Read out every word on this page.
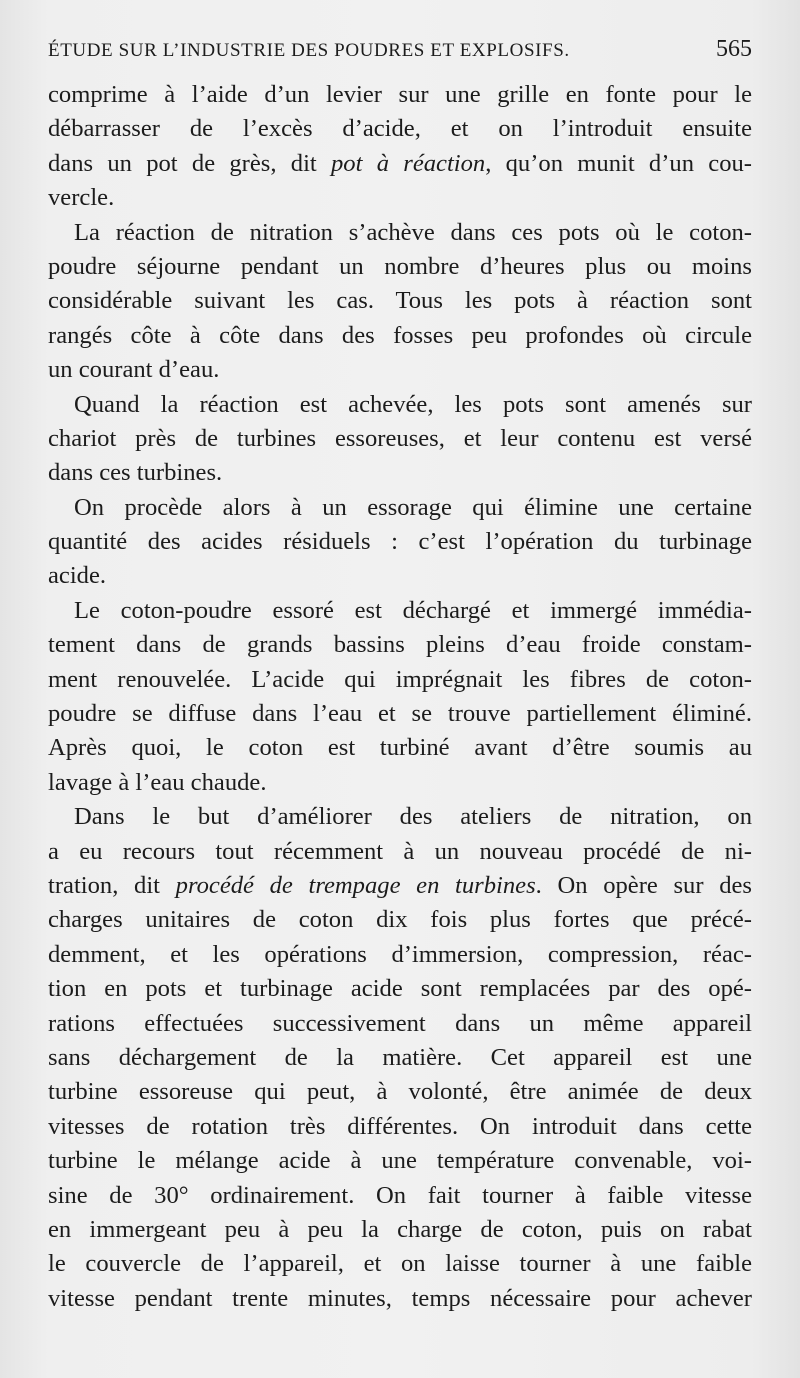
ÉTUDE SUR L’INDUSTRIE DES POUDRES ET EXPLOSIFS.	565
comprime à l’aide d’un levier sur une grille en fonte pour le
débarrasser de l’excès d’acide, et on l’introduit ensuite
dans un pot de grès, dit pot à réaction, qu’on munit d’un cou-
vercle.
La réaction de nitration s’achève dans ces pots où le coton-
poudre séjourne pendant un nombre d’heures plus ou moins
considérable suivant les cas. Tous les pots à réaction sont
rangés côte à côte dans des fosses peu profondes où circule
un courant d’eau.
Quand la réaction est achevée, les pots sont amenés sur
chariot près de turbines essoreuses, et leur contenu est versé
dans ces turbines.
On procède alors à un essorage qui élimine une certaine
quantité des acides résiduels : c’est l’opération du turbinage
acide.
Le coton-poudre essoré est déchargé et immergé immédia-
tement dans de grands bassins pleins d’eau froide constam-
ment renouvelée. L’acide qui imprégnait les fibres de coton-
poudre se diffuse dans l’eau et se trouve partiellement éliminé.
Après quoi, le coton est turbiné avant d’être soumis au
lavage à l’eau chaude.
Dans le but d’améliorer des ateliers de nitration, on
a eu recours tout récemment à un nouveau procédé de ni-
tration, dit procédé de trempage en turbines. On opère sur des
charges unitaires de coton dix fois plus fortes que précé-
demment, et les opérations d’immersion, compression, réac-
tion en pots et turbinage acide sont remplacées par des opé-
rations effectuées successivement dans un même appareil
sans déchargement de la matière. Cet appareil est une
turbine essoreuse qui peut, à volonté, être animée de deux
vitesses de rotation très différentes. On introduit dans cette
turbine le mélange acide à une température convenable, voi-
sine de 30° ordinairement. On fait tourner à faible vitesse
en immergeant peu à peu la charge de coton, puis on rabat
le couvercle de l’appareil, et on laisse tourner à une faible
vitesse pendant trente minutes, temps nécessaire pour achever
